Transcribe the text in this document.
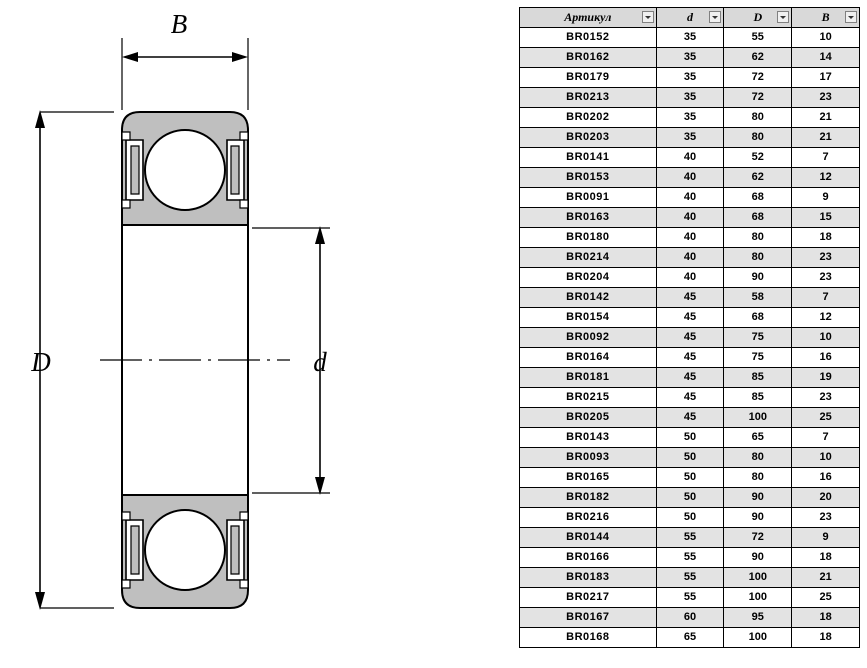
B
D	d
Артикул	d	D	B

BR0152	35	55	10
BR0162	35	62	14
BR0179	35	72	17
BR0213	35	72	23
BR0202	35	80	21
BR0203	35	80	21
BR0141	40	52	7
BR0153	40	62	12
BR0091	40	68	9
BR0163	40	68	15
BR0180	40	80	18
BR0214	40	80	23
BR0204	40	90	23
BR0142	45	58	7
BR0154	45	68	12
BR0092	45	75	10
BR0164	45	75	16
BR0181	45	85	19
BR0215	45	85	23
BR0205	45	100	25
BR0143	50	65	7
BR0093	50	80	10
BR0165	50	80	16
BR0182	50	90	20
BR0216	50	90	23
BR0144	55	72	9
BR0166	55	90	18
BR0183	55	100	21
BR0217	55	100	25
BR0167	60	95	18
BR0168	65	100	18
